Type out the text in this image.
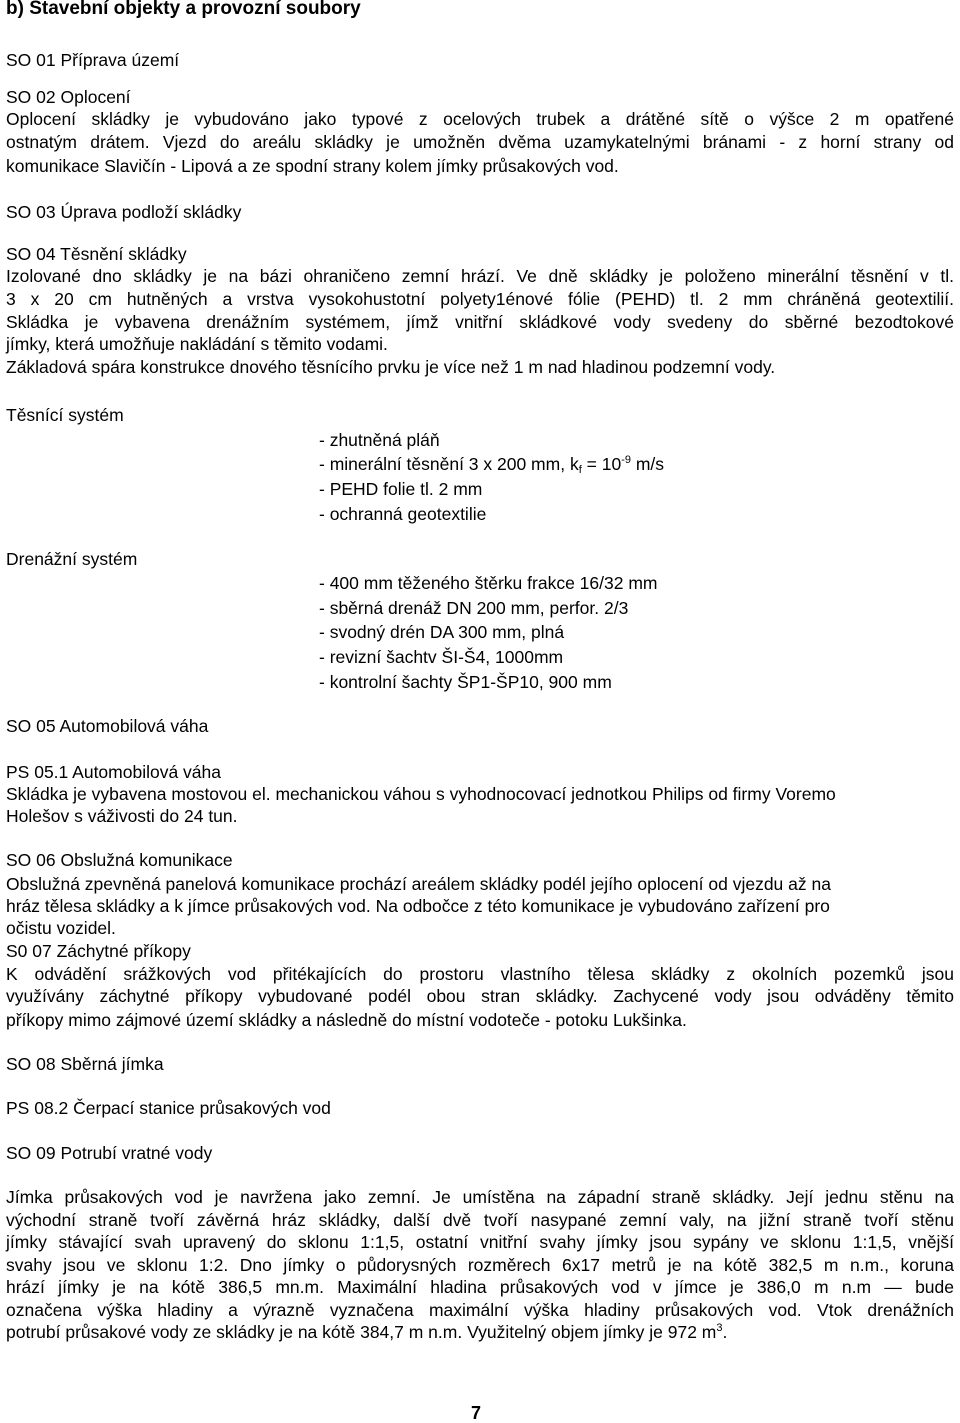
b) Stavební objekty a provozní soubory
SO 01 Příprava území
SO 02 Oplocení
Oplocení skládky je vybudováno jako typové z ocelových trubek a drátěné sítě o výšce 2 m opatřené
ostnatým drátem. Vjezd do areálu skládky je umožněn dvěma uzamykatelnými bránami - z horní strany od
komunikace Slavičín - Lipová a ze spodní strany kolem jímky průsakových vod.
SO 03 Úprava podloží skládky
SO 04 Těsnění skládky
Izolované dno skládky je na bázi ohraničeno zemní hrází. Ve dně skládky je položeno minerální těsnění v tl.
3 x 20 cm hutněných a vrstva vysokohustotní polyety1énové fólie (PEHD) tl. 2 mm chráněná geotextilií.
Skládka je vybavena drenážním systémem, jímž vnitřní skládkové vody svedeny do sběrné bezodtokové
jímky, která umožňuje nakládání s těmito vodami.
Základová spára konstrukce dnového těsnícího prvku je více než 1 m nad hladinou podzemní vody.
Těsnící systém
- zhutněná pláň
- minerální těsnění 3 x 200 mm, $k_f = 10^{-9}$ m/s
- PEHD folie tl. 2 mm
- ochranná geotextilie
Drenážní systém
- 400 mm těženého štěrku frakce 16/32 mm
- sběrná drenáž DN 200 mm, perfor. 2/3
- svodný drén DA 300 mm, plná
- revizní šachtv ŠI-Š4, 1000mm
- kontrolní šachty ŠP1-ŠP10, 900 mm
SO 05 Automobilová váha
PS 05.1 Automobilová váha
Skládka je vybavena mostovou el. mechanickou váhou s vyhodnocovací jednotkou Philips od firmy Voremo
Holešov s váživosti do 24 tun.
SO 06 Obslužná komunikace
Obslužná zpevněná panelová komunikace prochází areálem skládky podél jejího oplocení od vjezdu až na
hráz tělesa skládky a k jímce průsakových vod. Na odbočce z této komunikace je vybudováno zařízení pro
očistu vozidel.
S0 07 Záchytné příkopy
K odvádění srážkových vod přitékajících do prostoru vlastního tělesa skládky z okolních pozemků jsou
využívány záchytné příkopy vybudované podél obou stran skládky. Zachycené vody jsou odváděny těmito
příkopy mimo zájmové území skládky a následně do místní vodoteče - potoku Lukšinka.
SO 08 Sběrná jímka
PS 08.2 Čerpací stanice průsakových vod
SO 09 Potrubí vratné vody
Jímka průsakových vod je navržena jako zemní. Je umístěna na západní straně skládky. Její jednu stěnu na
východní straně tvoří závěrná hráz skládky, další dvě tvoří nasypané zemní valy, na jižní straně tvoří stěnu
jímky stávající svah upravený do sklonu 1:1,5, ostatní vnitřní svahy jímky jsou sypány ve sklonu 1:1,5, vnější
svahy jsou ve sklonu 1:2. Dno jímky o půdorysných rozměrech 6x17 metrů je na kótě 382,5 m n.m., koruna
hrází jímky je na kótě 386,5 mn.m. Maximální hladina průsakových vod v jímce je 386,0 m n.m — bude
označena výška hladiny a výrazně vyznačena maximální výška hladiny průsakových vod. Vtok drenážních
potrubí průsakové vody ze skládky je na kótě 384,7 m n.m. Využitelný objem jímky je 972 $m^3$.
7
